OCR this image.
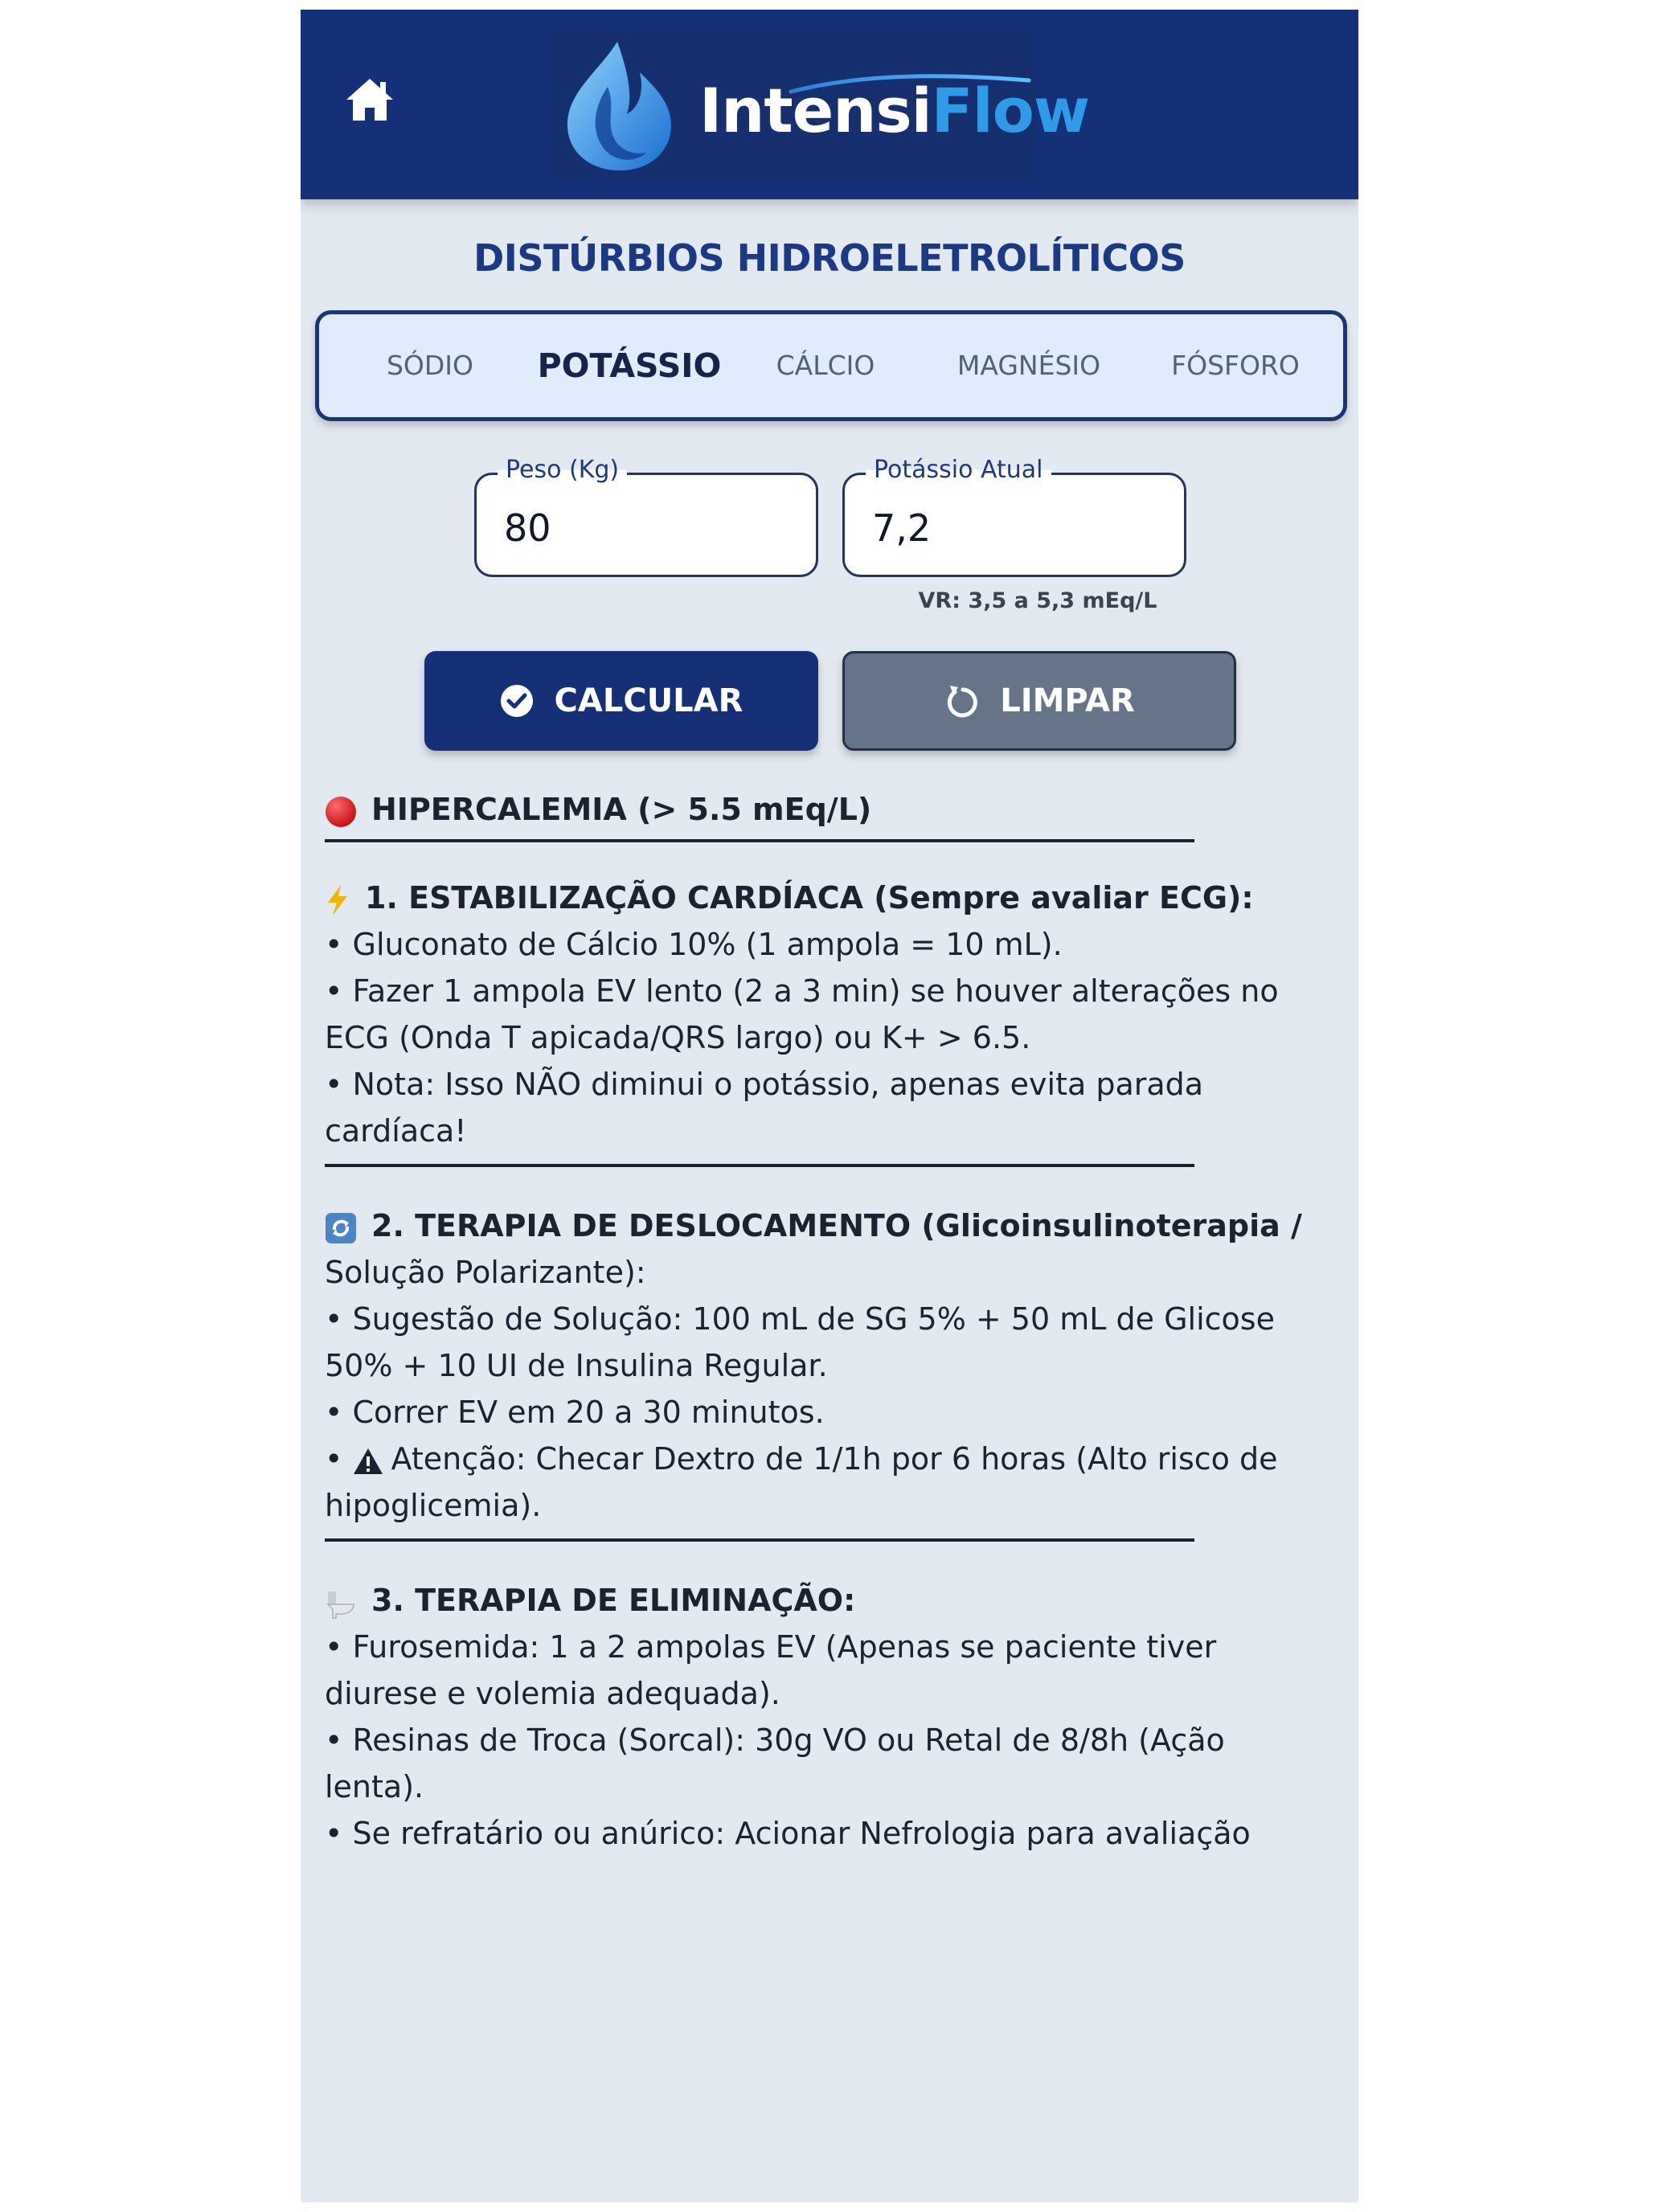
IntensiFlow
DISTÚRBIOS HIDROELETROLÍTICOS
SÓDIO	POTÁSSIO	CÁLCIO	MAGNÉSIO	FÓSFORO
Peso (Kg)
80	Potássio Atual
7,2
VR: 3,5 a 5,3 mEq/L
CALCULAR	LIMPAR
HIPERCALEMIA (> 5.5 mEq/L)
1. ESTABILIZAÇÃO CARDÍACA (Sempre avaliar ECG):
• Gluconato de Cálcio 10% (1 ampola = 10 mL).
• Fazer 1 ampola EV lento (2 a 3 min) se houver alterações no
ECG (Onda T apicada/QRS largo) ou K+ > 6.5.
• Nota: Isso NÃO diminui o potássio, apenas evita parada
cardíaca!
2. TERAPIA DE DESLOCAMENTO (Glicoinsulinoterapia /
Solução Polarizante):
• Sugestão de Solução: 100 mL de SG 5% + 50 mL de Glicose
50% + 10 UI de Insulina Regular.
• Correr EV em 20 a 30 minutos.
• Atenção: Checar Dextro de 1/1h por 6 horas (Alto risco de
hipoglicemia).
3. TERAPIA DE ELIMINAÇÃO:
• Furosemida: 1 a 2 ampolas EV (Apenas se paciente tiver
diurese e volemia adequada).
• Resinas de Troca (Sorcal): 30g VO ou Retal de 8/8h (Ação
lenta).
• Se refratário ou anúrico: Acionar Nefrologia para avaliação
